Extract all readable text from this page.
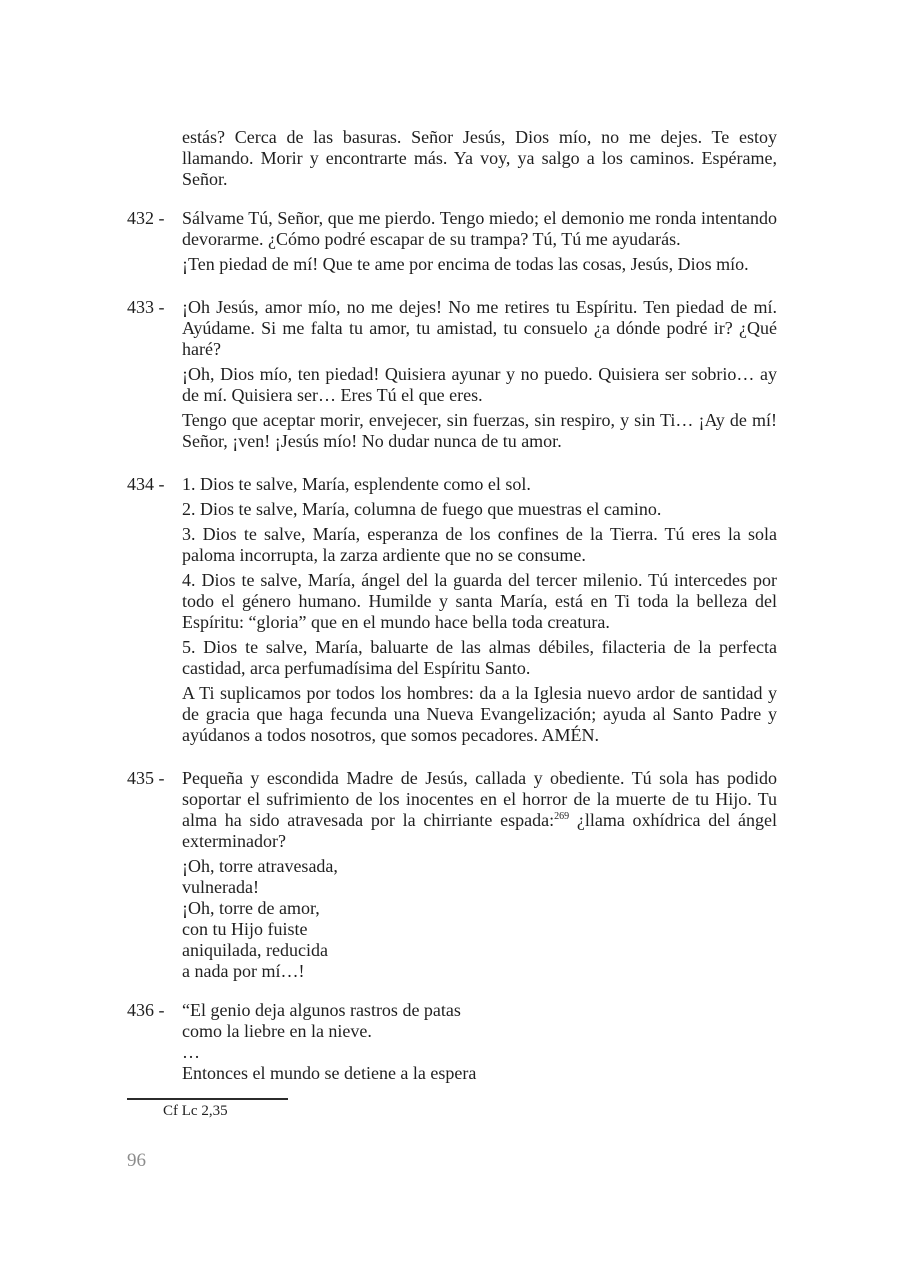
estás? Cerca de las basuras. Señor Jesús, Dios mío, no me dejes. Te estoy llamando. Morir y encontrarte más. Ya voy, ya salgo a los caminos. Espérame, Señor.

432 - Sálvame Tú, Señor, que me pierdo. Tengo miedo; el demonio me ronda intentando devorarme. ¿Cómo podré escapar de su trampa? Tú, Tú me ayudarás.

¡Ten piedad de mí! Que te ame por encima de todas las cosas, Jesús, Dios mío.

433 - ¡Oh Jesús, amor mío, no me dejes! No me retires tu Espíritu. Ten piedad de mí. Ayúdame. Si me falta tu amor, tu amistad, tu consuelo ¿a dónde podré ir? ¿Qué haré?

¡Oh, Dios mío, ten piedad! Quisiera ayunar y no puedo. Quisiera ser sobrio… ay de mí. Quisiera ser… Eres Tú el que eres.

Tengo que aceptar morir, envejecer, sin fuerzas, sin respiro, y sin Ti… ¡Ay de mí! Señor, ¡ven! ¡Jesús mío! No dudar nunca de tu amor.

434 - 1. Dios te salve, María, esplendente como el sol.

2. Dios te salve, María, columna de fuego que muestras el camino.

3. Dios te salve, María, esperanza de los confines de la Tierra. Tú eres la sola paloma incorrupta, la zarza ardiente que no se consume.

4. Dios te salve, María, ángel del la guarda del tercer milenio. Tú intercedes por todo el género humano. Humilde y santa María, está en Ti toda la belleza del Espíritu: “gloria” que en el mundo hace bella toda creatura.

5. Dios te salve, María, baluarte de las almas débiles, filacteria de la perfecta castidad, arca perfumadísima del Espíritu Santo.

A Ti suplicamos por todos los hombres: da a la Iglesia nuevo ardor de santidad y de gracia que haga fecunda una Nueva Evangelización; ayuda al Santo Padre y ayúdanos a todos nosotros, que somos pecadores. AMÉN.

435 - Pequeña y escondida Madre de Jesús, callada y obediente. Tú sola has podido soportar el sufrimiento de los inocentes en el horror de la muerte de tu Hijo. Tu alma ha sido atravesada por la chirriante espada:$^{269}$ ¿llama oxhídrica del ángel exterminador?

¡Oh, torre atravesada,
vulnerada!
¡Oh, torre de amor,
con tu Hijo fuiste
aniquilada, reducida
a nada por mí…!
436 - “El genio deja algunos rastros de patas
como la liebre en la nieve.
…
Entonces el mundo se detiene a la espera
Cf Lc 2,35
96
